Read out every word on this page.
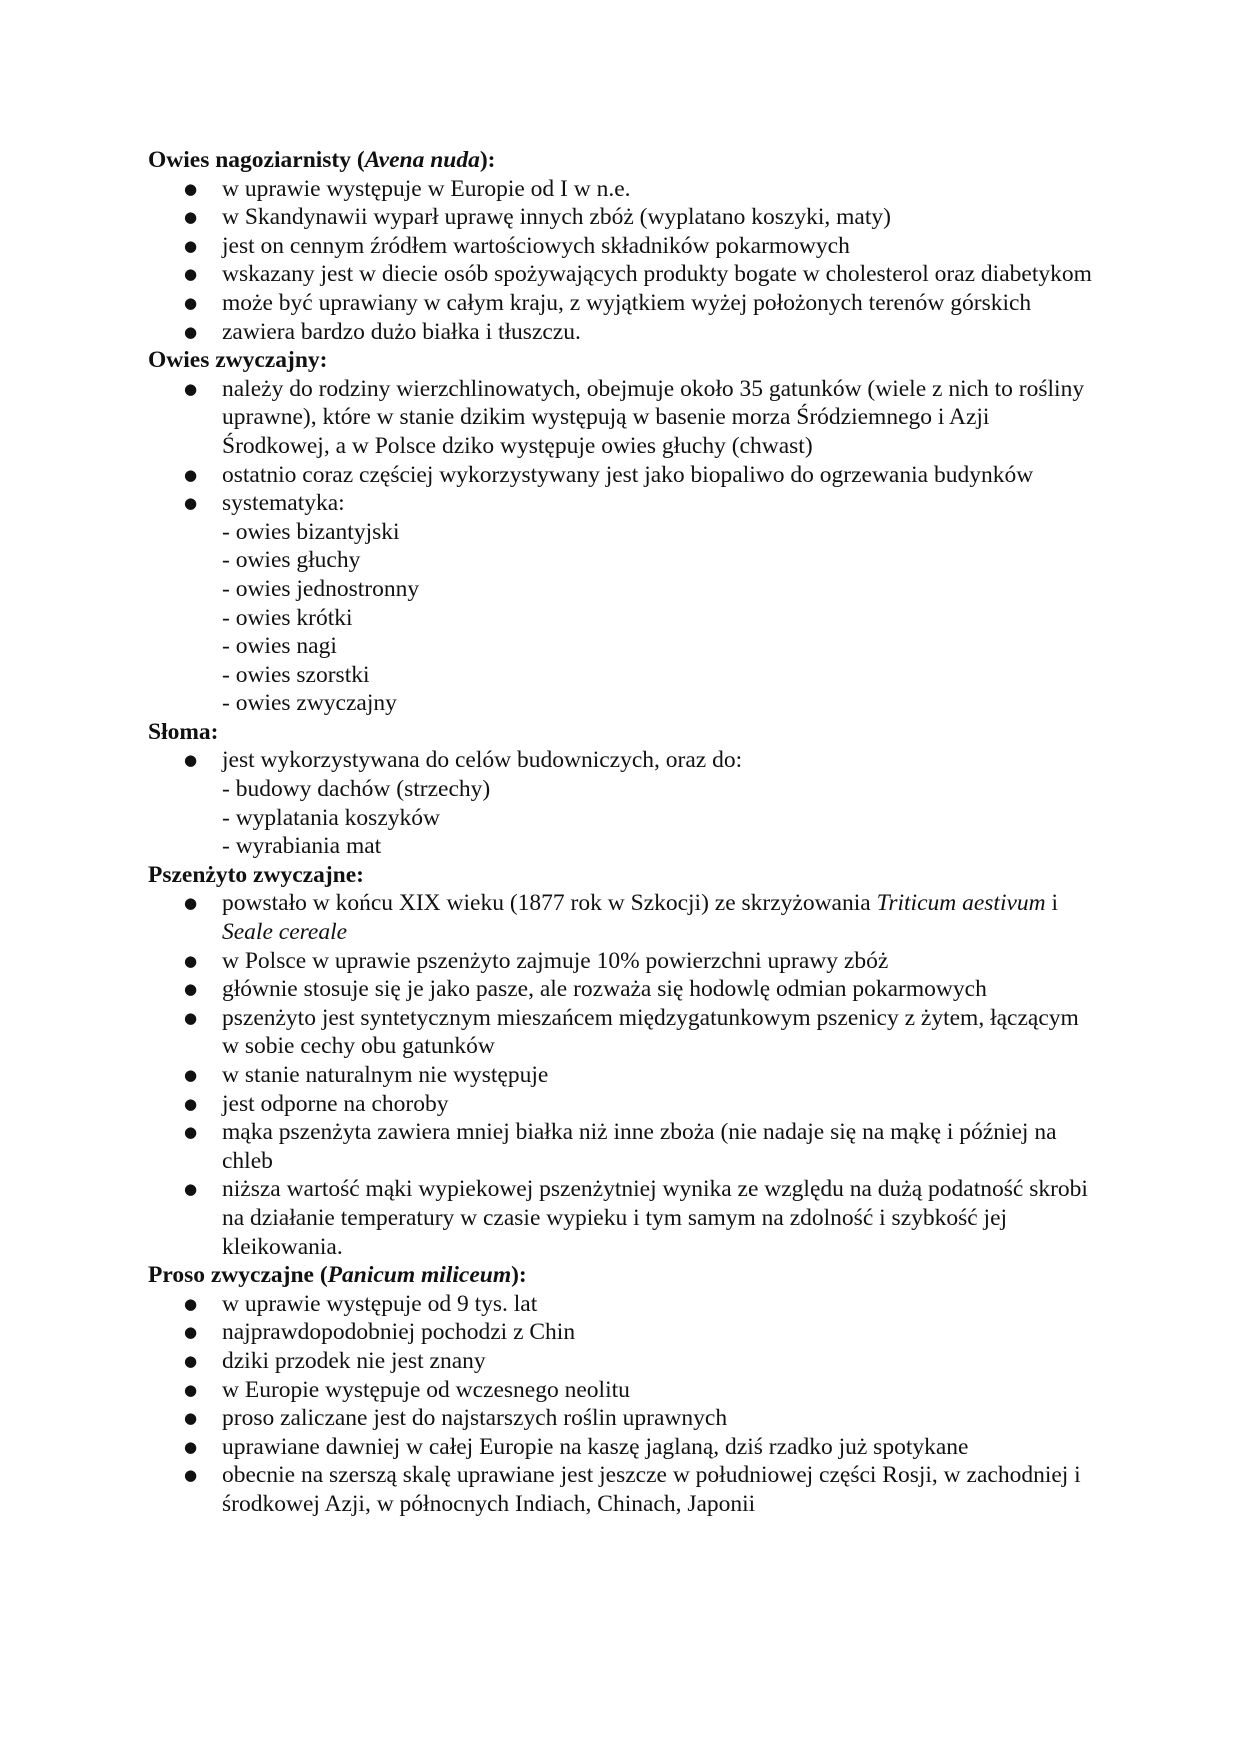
Owies nagoziarnisty (Avena nuda):

● w uprawie występuje w Europie od I w n.e.
● w Skandynawii wyparł uprawę innych zbóż (wyplatano koszyki, maty)
● jest on cennym źródłem wartościowych składników pokarmowych
● wskazany jest w diecie osób spożywających produkty bogate w cholesterol oraz diabetykom
● może być uprawiany w całym kraju, z wyjątkiem wyżej położonych terenów górskich
● zawiera bardzo dużo białka i tłuszczu.

Owies zwyczajny:

● należy do rodziny wierzchlinowatych, obejmuje około 35 gatunków (wiele z nich to rośliny uprawne), które w stanie dzikim występują w basenie morza Śródziemnego i Azji Środkowej, a w Polsce dziko występuje owies głuchy (chwast)
● ostatnio coraz częściej wykorzystywany jest jako biopaliwo do ogrzewania budynków
● systematyka:
- owies bizantyjski
- owies głuchy
- owies jednostronny
- owies krótki
- owies nagi
- owies szorstki
- owies zwyczajny

Słoma:

● jest wykorzystywana do celów budowniczych, oraz do:
- budowy dachów (strzechy)
- wyplatania koszyków
- wyrabiania mat

Pszenżyto zwyczajne:

● powstało w końcu XIX wieku (1877 rok w Szkocji) ze skrzyżowania Triticum aestivum i Seale cereale
● w Polsce w uprawie pszenżyto zajmuje 10% powierzchni uprawy zbóż
● głównie stosuje się je jako pasze, ale rozważa się hodowlę odmian pokarmowych
● pszenżyto jest syntetycznym mieszańcem międzygatunkowym pszenicy z żytem, łączącym w sobie cechy obu gatunków
● w stanie naturalnym nie występuje
● jest odporne na choroby
● mąka pszenżyta zawiera mniej białka niż inne zboża (nie nadaje się na mąkę i później na chleb
● niższa wartość mąki wypiekowej pszenżytniej wynika ze względu na dużą podatność skrobi na działanie temperatury w czasie wypieku i tym samym na zdolność i szybkość jej kleikowania.

Proso zwyczajne (Panicum miliceum):

● w uprawie występuje od 9 tys. lat
● najprawdopodobniej pochodzi z Chin
● dziki przodek nie jest znany
● w Europie występuje od wczesnego neolitu
● proso zaliczane jest do najstarszych roślin uprawnych
● uprawiane dawniej w całej Europie na kaszę jaglaną, dziś rzadko już spotykane
● obecnie na szerszą skalę uprawiane jest jeszcze w południowej części Rosji, w zachodniej i środkowej Azji, w północnych Indiach, Chinach, Japonii
